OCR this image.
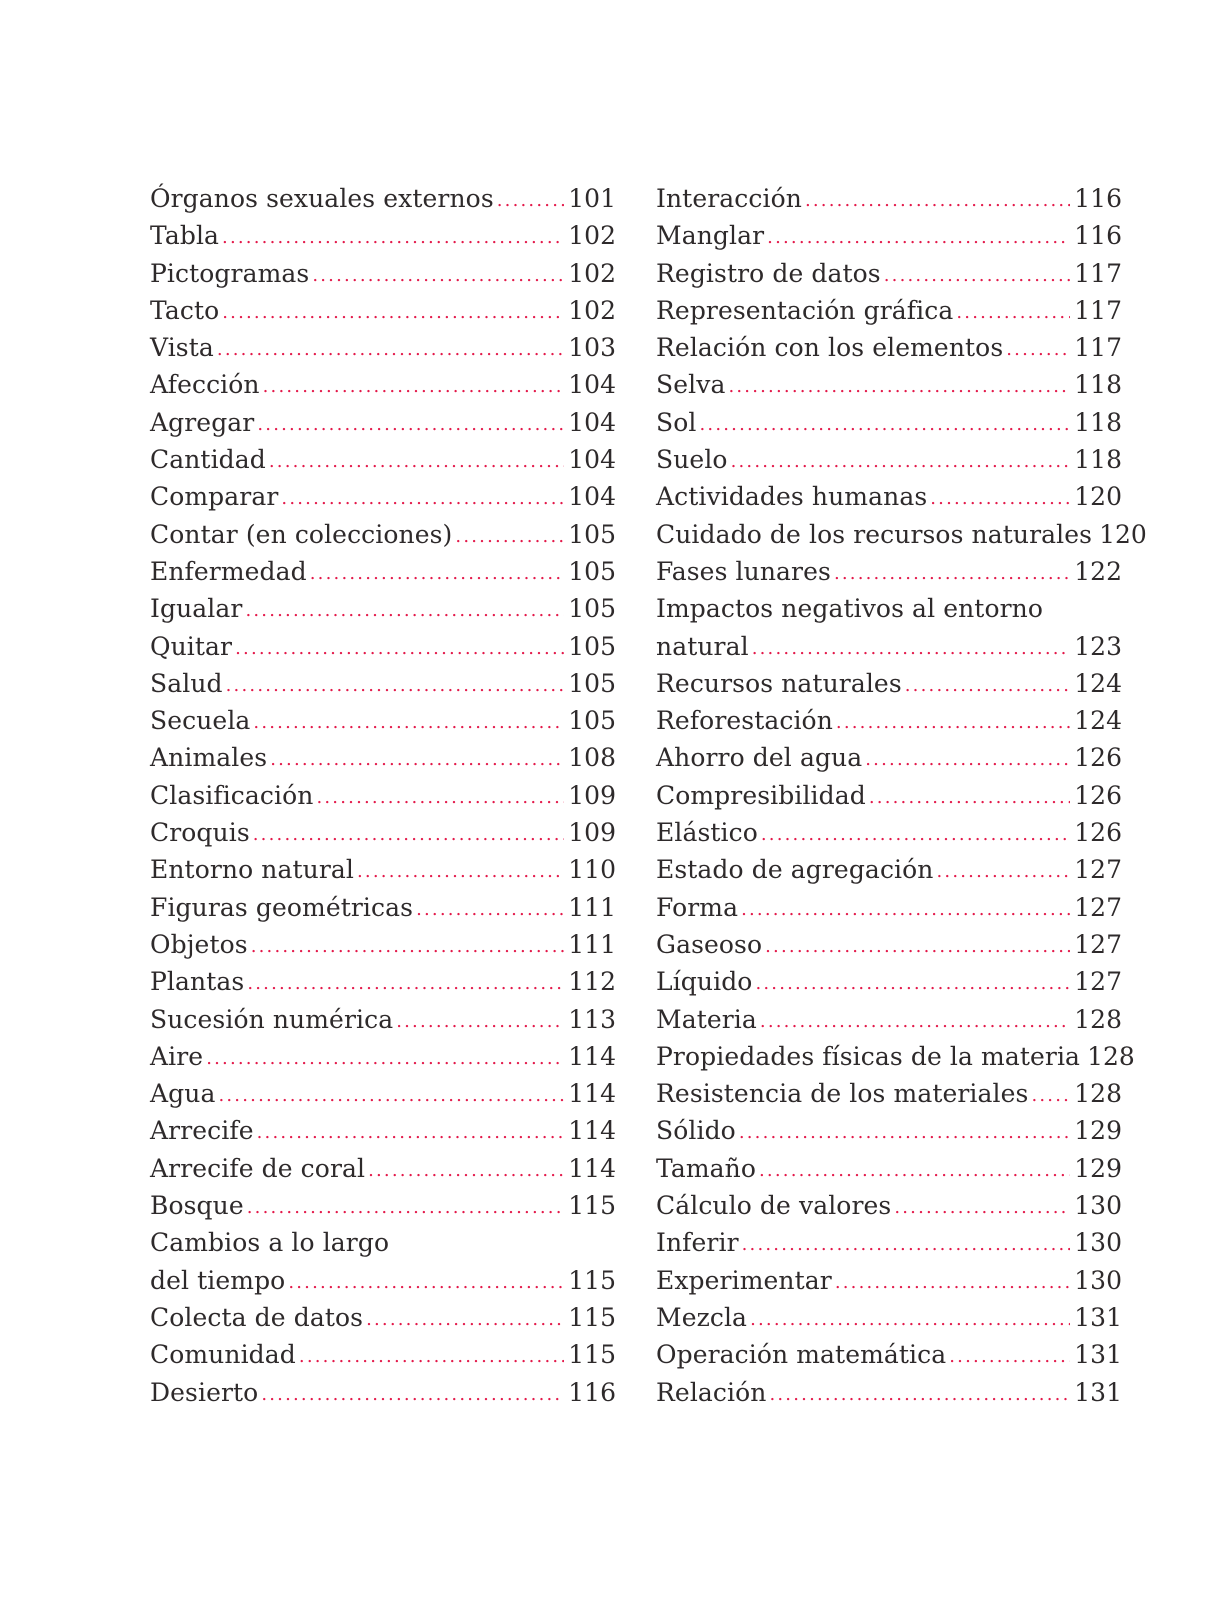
Órganos sexuales externos .....	101
Tabla .....	102
Pictogramas .....	102
Tacto .....	102
Vista .....	103
Afección .....	104
Agregar .....	104
Cantidad .....	104
Comparar .....	104
Contar (en colecciones) .....	105
Enfermedad .....	105
Igualar .....	105
Quitar .....	105
Salud .....	105
Secuela .....	105
Animales .....	108
Clasificación .....	109
Croquis .....	109
Entorno natural .....	110
Figuras geométricas .....	111
Objetos .....	111
Plantas .....	112
Sucesión numérica .....	113
Aire .....	114
Agua .....	114
Arrecife .....	114
Arrecife de coral .....	114
Bosque .....	115
Cambios a lo largo
del tiempo .....	115
Colecta de datos .....	115
Comunidad .....	115
Desierto .....	116
Interacción .....	116
Manglar .....	116
Registro de datos .....	117
Representación gráfica .....	117
Relación con los elementos .....	117
Selva .....	118
Sol .....	118
Suelo .....	118
Actividades humanas .....	120
Cuidado de los recursos naturales 120
Fases lunares .....	122
Impactos negativos al entorno
natural .....	123
Recursos naturales .....	124
Reforestación .....	124
Ahorro del agua .....	126
Compresibilidad .....	126
Elástico .....	126
Estado de agregación .....	127
Forma .....	127
Gaseoso .....	127
Líquido .....	127
Materia .....	128
Propiedades físicas de la materia 128
Resistencia de los materiales ..... 128
Sólido .....	129
Tamaño .....	129
Cálculo de valores .....	130
Inferir .....	130
Experimentar .....	130
Mezcla .....	131
Operación matemática .....	131
Relación .....	131
